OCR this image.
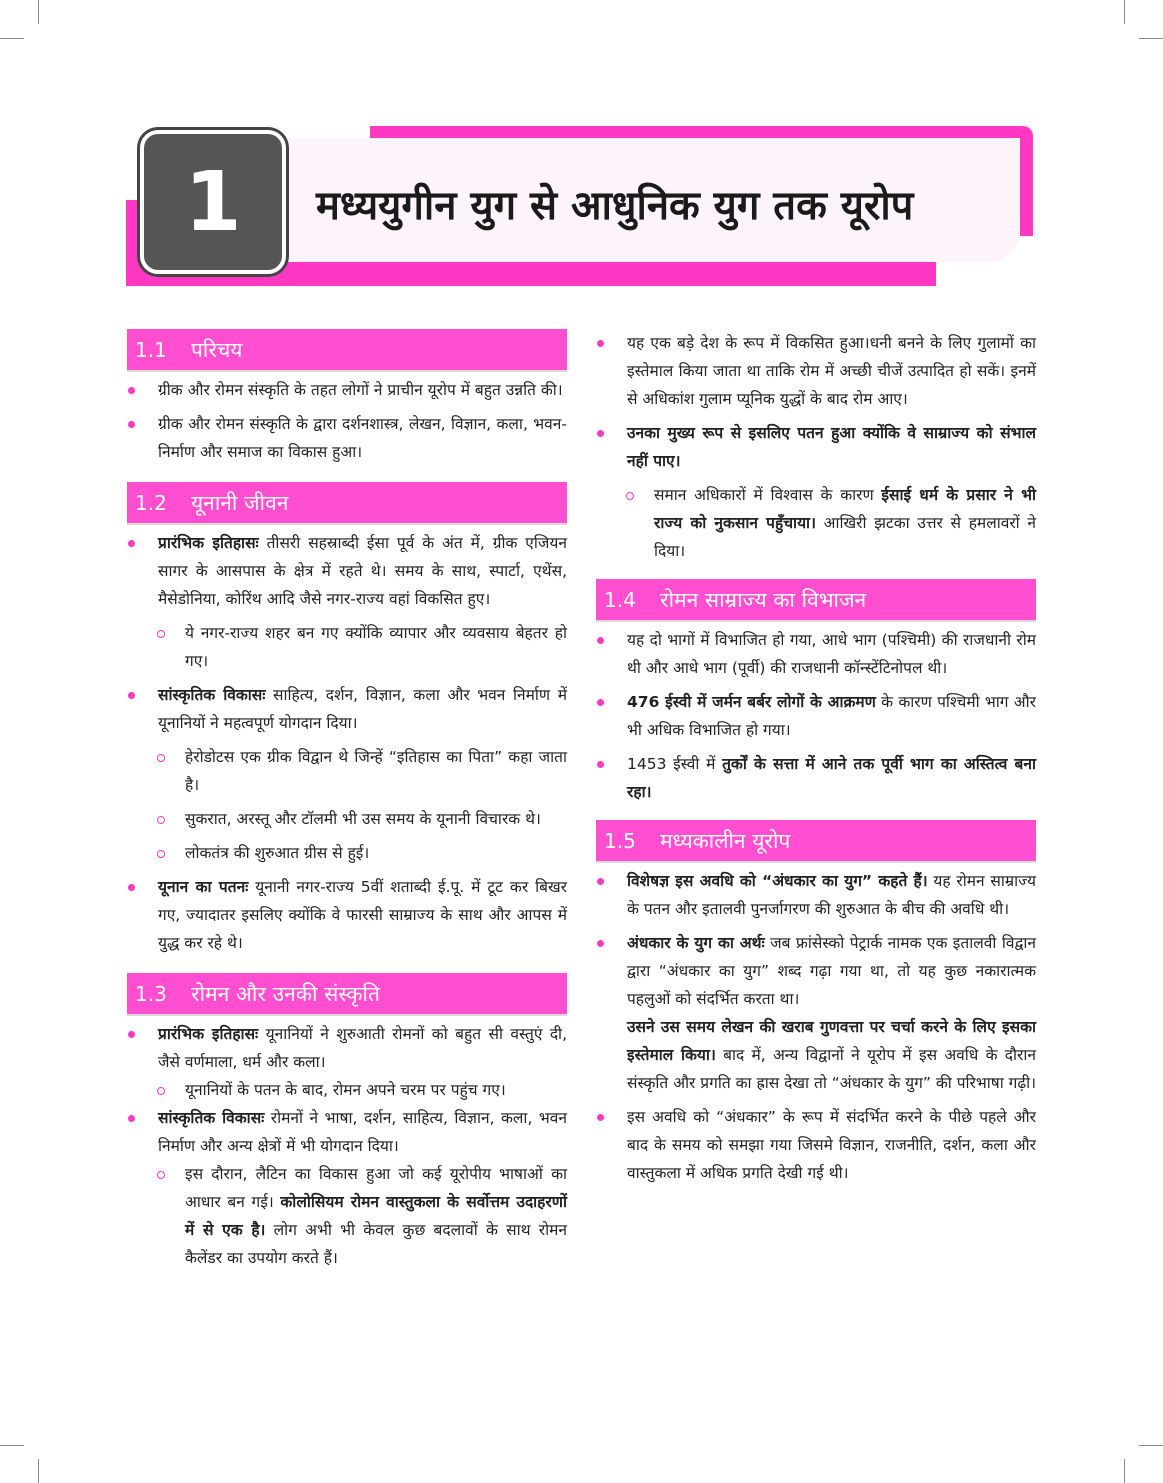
1	मध्ययुगीन युग से आधुनिक युग तक यूरोप
1.1	परिचय

ग्रीक और रोमन संस्कृति के तहत लोगों ने प्राचीन यूरोप में बहुत उन्नति की।

ग्रीक और रोमन संस्कृति के द्वारा दर्शनशास्त्र, लेखन, विज्ञान, कला, भवन-निर्माण और समाज का विकास हुआ।

1.2	यूनानी जीवन

प्रारंभिक इतिहासः तीसरी सहस्राब्दी ईसा पूर्व के अंत में, ग्रीक एजियन सागर के आसपास के क्षेत्र में रहते थे। समय के साथ, स्पार्टा, एथेंस, मैसेडोनिया, कोरिंथ आदि जैसे नगर-राज्य वहां विकसित हुए।

ये नगर-राज्य शहर बन गए क्योंकि व्यापार और व्यवसाय बेहतर हो गए।

सांस्कृतिक विकासः साहित्य, दर्शन, विज्ञान, कला और भवन निर्माण में यूनानियों ने महत्वपूर्ण योगदान दिया।

हेरोडोटस एक ग्रीक विद्वान थे जिन्हें “इतिहास का पिता” कहा जाता है।

सुकरात, अरस्तू और टॉलमी भी उस समय के यूनानी विचारक थे।

लोकतंत्र की शुरुआत ग्रीस से हुई।

यूनान का पतनः यूनानी नगर-राज्य 5वीं शताब्दी ई.पू. में टूट कर बिखर गए, ज्यादातर इसलिए क्योंकि वे फारसी साम्राज्य के साथ और आपस में युद्ध कर रहे थे।

1.3	रोमन और उनकी संस्कृति

प्रारंभिक इतिहासः यूनानियों ने शुरुआती रोमनों को बहुत सी वस्तुएं दी, जैसे वर्णमाला, धर्म और कला।

यूनानियों के पतन के बाद, रोमन अपने चरम पर पहुंच गए।

सांस्कृतिक विकासः रोमनों ने भाषा, दर्शन, साहित्य, विज्ञान, कला, भवन निर्माण और अन्य क्षेत्रों में भी योगदान दिया।

इस दौरान, लैटिन का विकास हुआ जो कई यूरोपीय भाषाओं का आधार बन गई। कोलोसियम रोमन वास्तुकला के सर्वोत्तम उदाहरणों में से एक है। लोग अभी भी केवल कुछ बदलावों के साथ रोमन कैलेंडर का उपयोग करते हैं।

यह एक बड़े देश के रूप में विकसित हुआ।धनी बनने के लिए गुलामों का इस्तेमाल किया जाता था ताकि रोम में अच्छी चीजें उत्पादित हो सकें। इनमें से अधिकांश गुलाम प्यूनिक युद्धों के बाद रोम आए।

उनका मुख्य रूप से इसलिए पतन हुआ क्योंकि वे साम्राज्य को संभाल नहीं पाए।

समान अधिकारों में विश्वास के कारण ईसाई धर्म के प्रसार ने भी राज्य को नुकसान पहुँचाया। आखिरी झटका उत्तर से हमलावरों ने दिया।

1.4	रोमन साम्राज्य का विभाजन

यह दो भागों में विभाजित हो गया, आधे भाग (पश्चिमी) की राजधानी रोम थी और आधे भाग (पूर्वी) की राजधानी कॉन्स्टेंटिनोपल थी।

476 ईस्वी में जर्मन बर्बर लोगों के आक्रमण के कारण पश्चिमी भाग और भी अधिक विभाजित हो गया।

1453 ईस्वी में तुर्कों के सत्ता में आने तक पूर्वी भाग का अस्तित्व बना रहा।

1.5	मध्यकालीन यूरोप

विशेषज्ञ इस अवधि को “अंधकार का युग” कहते हैं। यह रोमन साम्राज्य के पतन और इतालवी पुनर्जागरण की शुरुआत के बीच की अवधि थी।

अंधकार के युग का अर्थः जब फ्रांसेस्को पेट्रार्क नामक एक इतालवी विद्वान द्वारा “अंधकार का युग” शब्द गढ़ा गया था, तो यह कुछ नकारात्मक पहलुओं को संदर्भित करता था।

उसने उस समय लेखन की खराब गुणवत्ता पर चर्चा करने के लिए इसका इस्तेमाल किया। बाद में, अन्य विद्वानों ने यूरोप में इस अवधि के दौरान संस्कृति और प्रगति का ह्रास देखा तो “अंधकार के युग” की परिभाषा गढ़ी।

इस अवधि को “अंधकार” के रूप में संदर्भित करने के पीछे पहले और बाद के समय को समझा गया जिसमे विज्ञान, राजनीति, दर्शन, कला और वास्तुकला में अधिक प्रगति देखी गई थी।
